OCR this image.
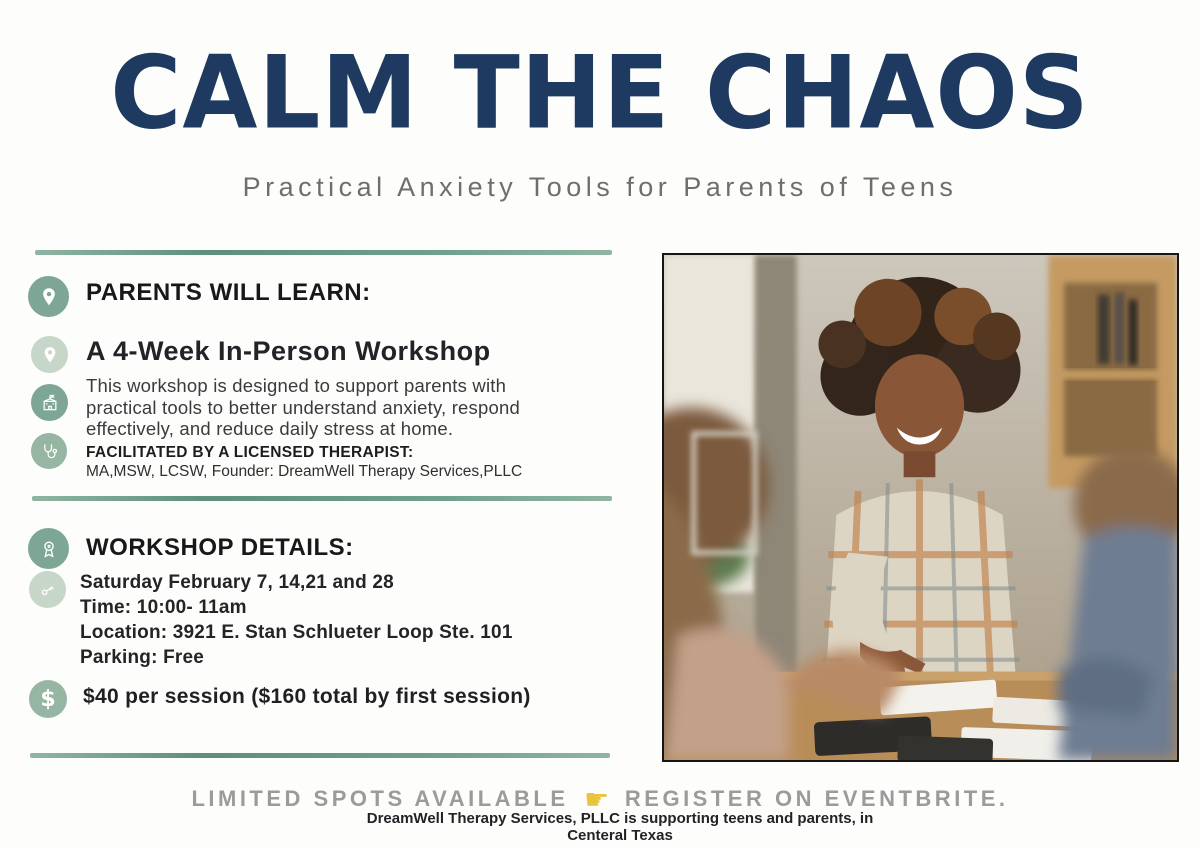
CALM THE CHAOS
Practical Anxiety Tools for Parents of Teens
PARENTS WILL LEARN:
A 4-Week In-Person Workshop

This workshop is designed to support parents with practical tools to better understand anxiety, respond effectively, and reduce daily stress at home.

FACILITATED BY A LICENSED THERAPIST:
MA,MSW, LCSW, Founder: DreamWell Therapy Services,PLLC
$
WORKSHOP DETAILS:
Saturday February 7, 14,21 and 28
Time: 10:00- 11am
Location: 3921 E. Stan Schlueter Loop Ste. 101
Parking: Free
$40 per session ($160 total by first session)
LIMITED SPOTS AVAILABLE ☛ REGISTER ON EVENTBRITE.
DreamWell Therapy Services, PLLC is supporting teens and parents, in
Centeral Texas
